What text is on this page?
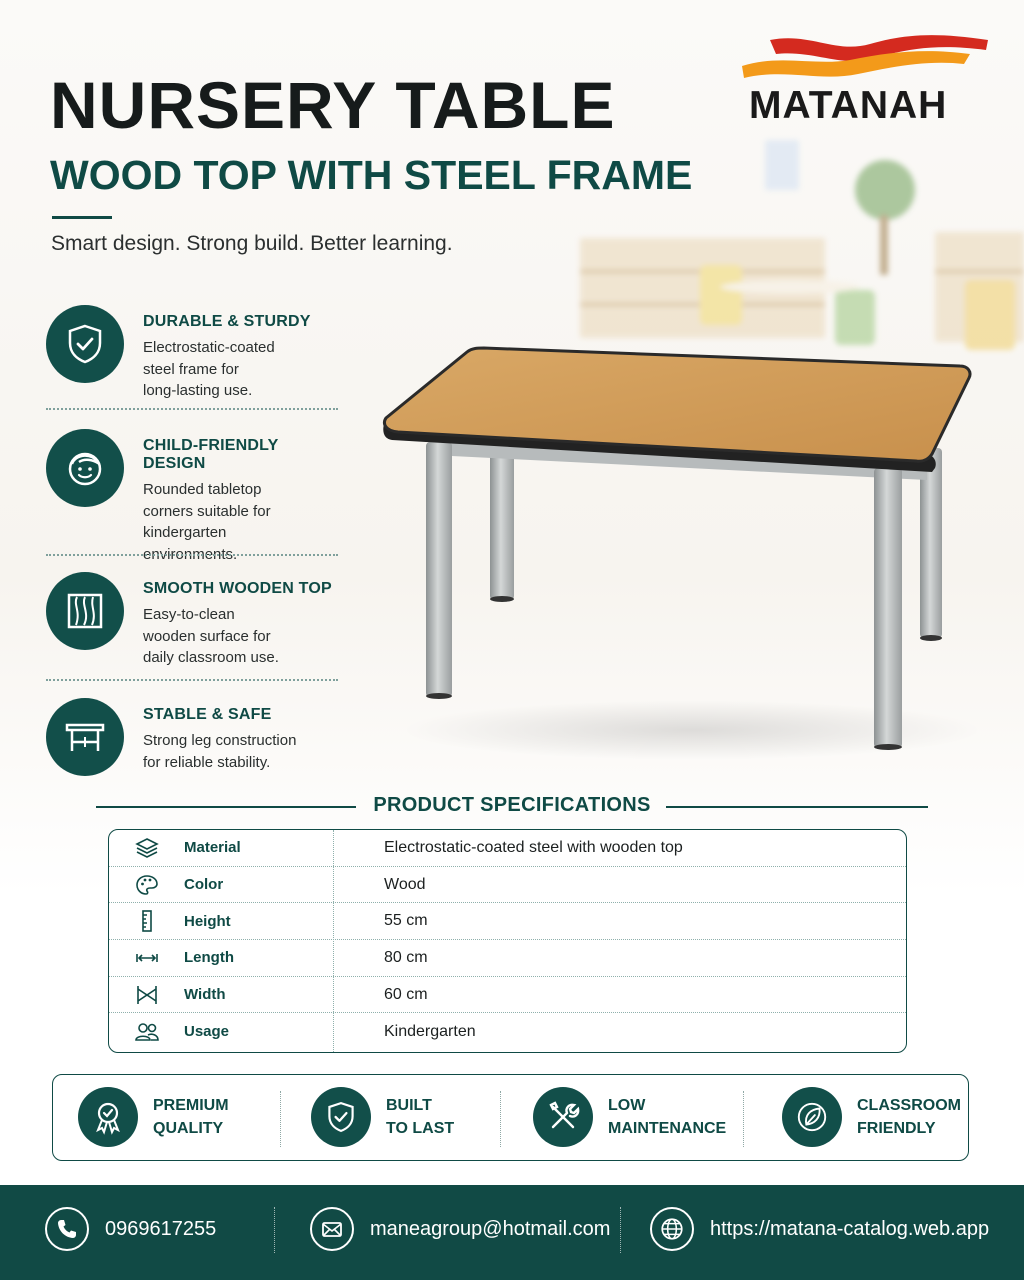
NURSERY TABLE
WOOD TOP WITH STEEL FRAME
Smart design. Strong build. Better learning.
MATANAH
DURABLE & STURDY

Electrostatic-coated
steel frame for
long-lasting use.

CHILD-FRIENDLY DESIGN

Rounded tabletop
corners suitable for
kindergarten
environments.

SMOOTH WOODEN TOP

Easy-to-clean
wooden surface for
daily classroom use.

STABLE & SAFE

Strong leg construction
for reliable stability.

PRODUCT SPECIFICATIONS
Material	Electrostatic-coated steel with wooden top
Color	Wood
Height	55 cm
Length	80 cm
Width	60 cm
Usage	Kindergarten
PREMIUM
QUALITY
BUILT
TO LAST
LOW
MAINTENANCE
CLASSROOM
FRIENDLY
0969617255	maneagroup@hotmail.com	https://matana-catalog.web.app
